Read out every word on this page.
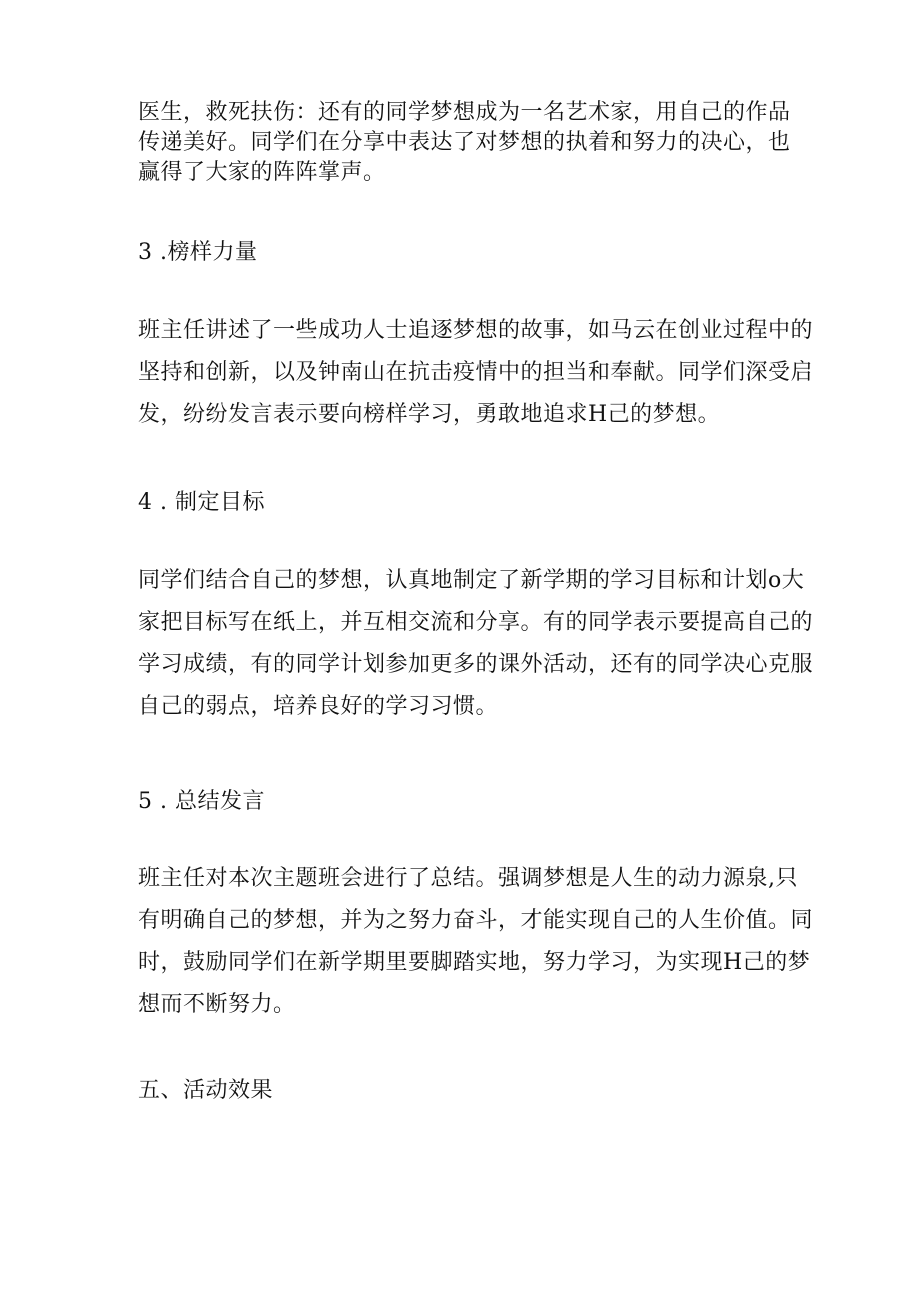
医生，救死扶伤：还有的同学梦想成为一名艺术家，用自己的作品
传递美好。同学们在分享中表达了对梦想的执着和努力的决心，也
赢得了大家的阵阵掌声。

3 .榜样力量

班主任讲述了一些成功人士追逐梦想的故事，如马云在创业过程中的
坚持和创新，以及钟南山在抗击疫情中的担当和奉献。同学们深受启
发，纷纷发言表示要向榜样学习，勇敢地追求H己的梦想。

4 . 制定目标

同学们结合自己的梦想，认真地制定了新学期的学习目标和计划o大
家把目标写在纸上，并互相交流和分享。有的同学表示要提高自己的
学习成绩，有的同学计划参加更多的课外活动，还有的同学决心克服
自己的弱点，培养良好的学习习惯。

5 . 总结发言

班主任对本次主题班会进行了总结。强调梦想是人生的动力源泉,只
有明确自己的梦想，并为之努力奋斗，才能实现自己的人生价值。同
时，鼓励同学们在新学期里要脚踏实地，努力学习，为实现H己的梦
想而不断努力。

五、活动效果
